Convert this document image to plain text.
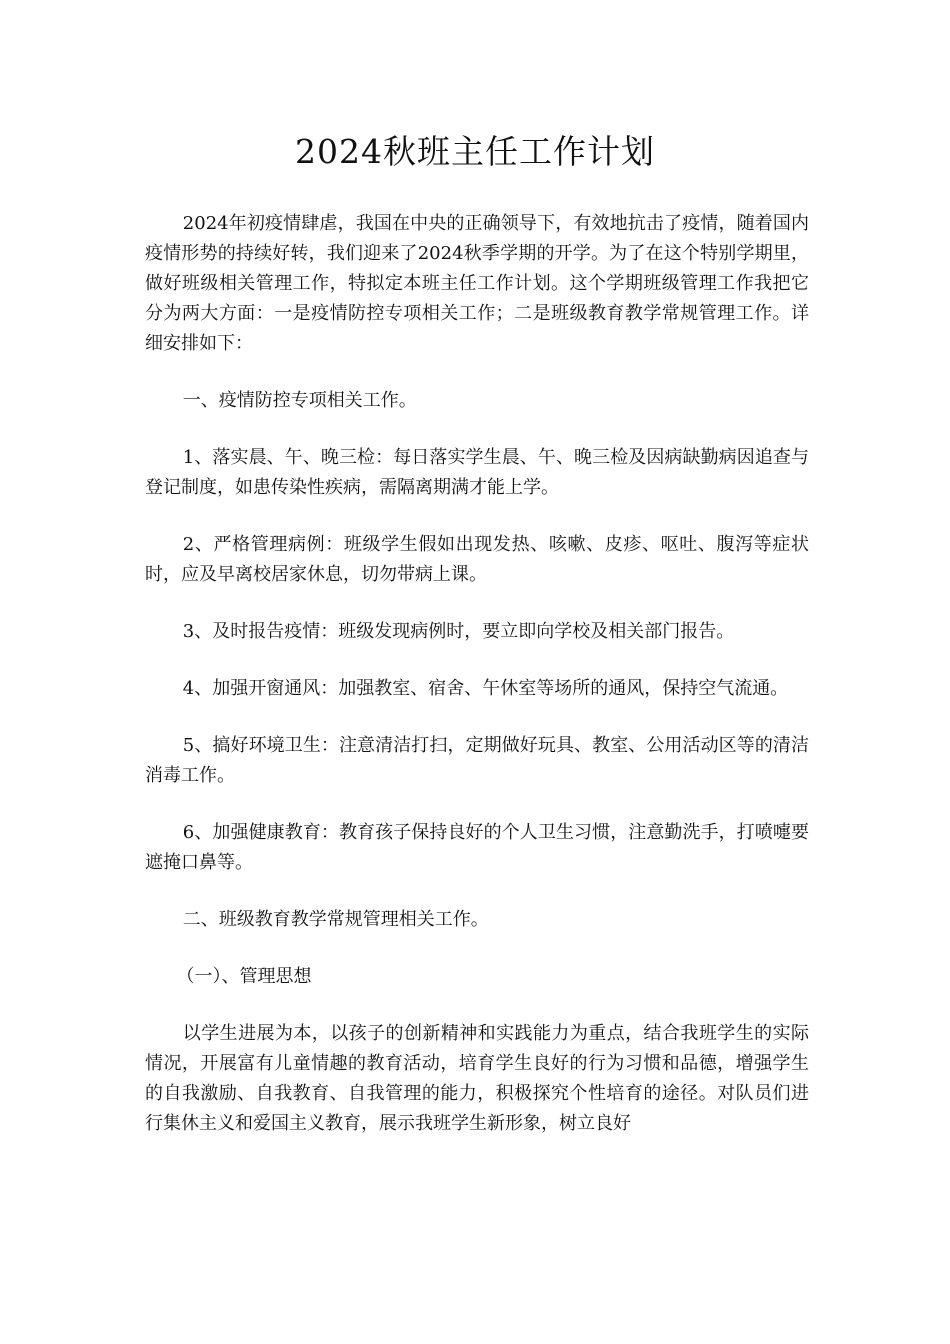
2024秋班主任工作计划

2024年初疫情肆虐，我国在中央的正确领导下，有效地抗击了疫情，随着国内疫情形势的持续好转，我们迎来了2024秋季学期的开学。为了在这个特别学期里，做好班级相关管理工作，特拟定本班主任工作计划。这个学期班级管理工作我把它分为两大方面：一是疫情防控专项相关工作；二是班级教育教学常规管理工作。详细安排如下：

一、疫情防控专项相关工作。

1、落实晨、午、晚三检：每日落实学生晨、午、晚三检及因病缺勤病因追查与登记制度，如患传染性疾病，需隔离期满才能上学。

2、严格管理病例：班级学生假如出现发热、咳嗽、皮疹、呕吐、腹泻等症状时，应及早离校居家休息，切勿带病上课。

3、及时报告疫情：班级发现病例时，要立即向学校及相关部门报告。

4、加强开窗通风：加强教室、宿舍、午休室等场所的通风，保持空气流通。

5、搞好环境卫生：注意清洁打扫，定期做好玩具、教室、公用活动区等的清洁消毒工作。

6、加强健康教育：教育孩子保持良好的个人卫生习惯，注意勤洗手，打喷嚏要遮掩口鼻等。

二、班级教育教学常规管理相关工作。

（一）、管理思想

以学生进展为本，以孩子的创新精神和实践能力为重点，结合我班学生的实际情况，开展富有儿童情趣的教育活动，培育学生良好的行为习惯和品德，增强学生的自我激励、自我教育、自我管理的能力，积极探究个性培育的途径。对队员们进行集休主义和爱国主义教育，展示我班学生新形象，树立良好
